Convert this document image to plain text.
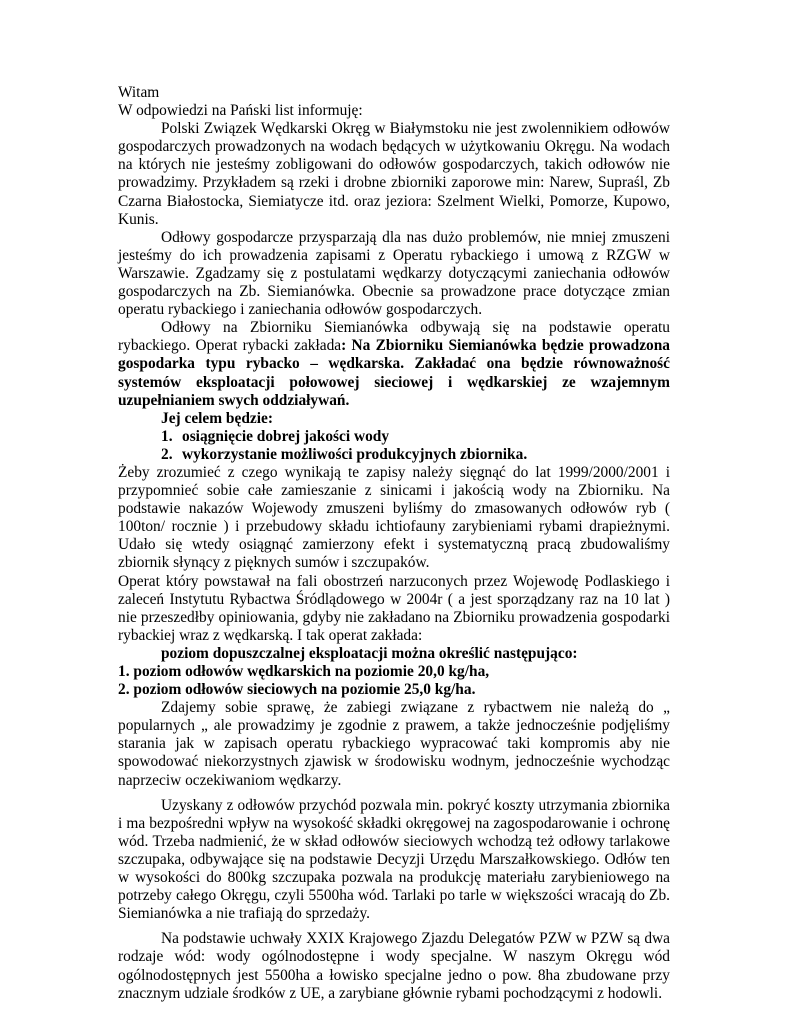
Witam

W odpowiedzi na Pański list informuję:

Polski Związek Wędkarski Okręg w Białymstoku nie jest zwolennikiem odłowów gospodarczych prowadzonych na wodach będących w użytkowaniu Okręgu. Na wodach na których nie jesteśmy zobligowani do odłowów gospodarczych, takich odłowów nie prowadzimy. Przykładem są rzeki i drobne zbiorniki zaporowe min: Narew, Supraśl, Zb Czarna Białostocka, Siemiatycze itd. oraz jeziora: Szelment Wielki, Pomorze, Kupowo, Kunis.

Odłowy gospodarcze przysparzają dla nas dużo problemów, nie mniej zmuszeni jesteśmy do ich prowadzenia zapisami z Operatu rybackiego i umową z RZGW w Warszawie. Zgadzamy się z postulatami wędkarzy dotyczącymi zaniechania odłowów gospodarczych na Zb. Siemianówka. Obecnie sa prowadzone prace dotyczące zmian operatu rybackiego i zaniechania odłowów gospodarczych.

Odłowy na Zbiorniku Siemianówka odbywają się na podstawie operatu rybackiego. Operat rybacki zakłada: Na Zbiorniku Siemianówka będzie prowadzona gospodarka typu rybacko – wędkarska. Zakładać ona będzie równoważność systemów eksploatacji połowowej sieciowej i wędkarskiej ze wzajemnym uzupełnianiem swych oddziaływań.

Jej celem będzie:

1. osiągnięcie dobrej jakości wody
2. wykorzystanie możliwości produkcyjnych zbiornika.

Żeby zrozumieć z czego wynikają te zapisy należy sięgnąć do lat 1999/2000/2001 i przypomnieć sobie całe zamieszanie z sinicami i jakością wody na Zbiorniku. Na podstawie nakazów Wojewody zmuszeni byliśmy do zmasowanych odłowów ryb ( 100ton/ rocznie ) i przebudowy składu ichtiofauny zarybieniami rybami drapieżnymi. Udało się wtedy osiągnąć zamierzony efekt i systematyczną pracą zbudowaliśmy zbiornik słynący z pięknych sumów i szczupaków.

Operat który powstawał na fali obostrzeń narzuconych przez Wojewodę Podlaskiego i zaleceń Instytutu Rybactwa Śródlądowego w 2004r ( a jest sporządzany raz na 10 lat ) nie przeszedłby opiniowania, gdyby nie zakładano na Zbiorniku prowadzenia gospodarki rybackiej wraz z wędkarską. I tak operat zakłada:

poziom dopuszczalnej eksploatacji można określić następująco:

1. poziom odłowów wędkarskich na poziomie 20,0 kg/ha,

2. poziom odłowów sieciowych na poziomie 25,0 kg/ha.

Zdajemy sobie sprawę, że zabiegi związane z rybactwem nie należą do „ popularnych „ ale prowadzimy je zgodnie z prawem, a także jednocześnie podjęliśmy starania jak w zapisach operatu rybackiego wypracować taki kompromis aby nie spowodować niekorzystnych zjawisk w środowisku wodnym, jednocześnie wychodząc naprzeciw oczekiwaniom wędkarzy.

Uzyskany z odłowów przychód pozwala min. pokryć koszty utrzymania zbiornika i ma bezpośredni wpływ na wysokość składki okręgowej na zagospodarowanie i ochronę wód. Trzeba nadmienić, że w skład odłowów sieciowych wchodzą też odłowy tarlakowe szczupaka, odbywające się na podstawie Decyzji Urzędu Marszałkowskiego. Odłów ten w wysokości do 800kg szczupaka pozwala na produkcję materiału zarybieniowego na potrzeby całego Okręgu, czyli 5500ha wód. Tarlaki po tarle w większości wracają do Zb. Siemianówka a nie trafiają do sprzedaży.

Na podstawie uchwały XXIX Krajowego Zjazdu Delegatów PZW w PZW są dwa rodzaje wód: wody ogólnodostępne i wody specjalne. W naszym Okręgu wód ogólnodostępnych jest 5500ha a łowisko specjalne jedno o pow. 8ha zbudowane przy znacznym udziale środków z UE, a zarybiane głównie rybami pochodzącymi z hodowli.
